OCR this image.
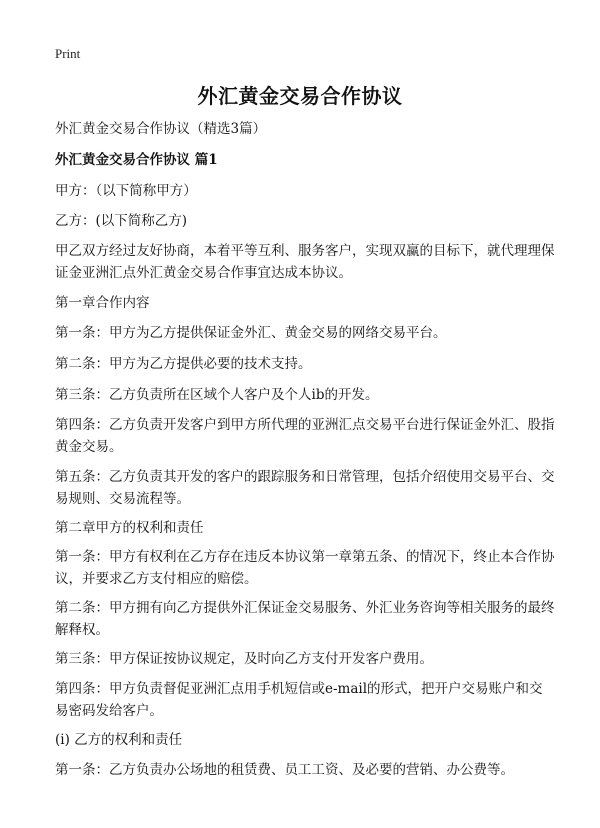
Print
外汇黄金交易合作协议
外汇黄金交易合作协议（精选3篇）
外汇黄金交易合作协议 篇1
甲方：（以下简称甲方）
乙方：(以下简称乙方)
甲乙双方经过友好协商，本着平等互利、服务客户，实现双赢的目标下，就代理理保证金亚洲汇点外汇黄金交易合作事宜达成本协议。
第一章合作内容
第一条：甲方为乙方提供保证金外汇、黄金交易的网络交易平台。
第二条：甲方为乙方提供必要的技术支持。
第三条：乙方负责所在区域个人客户及个人ib的开发。
第四条：乙方负责开发客户到甲方所代理的亚洲汇点交易平台进行保证金外汇、股指黄金交易。
第五条：乙方负责其开发的客户的跟踪服务和日常管理，包括介绍使用交易平台、交易规则、交易流程等。
第二章甲方的权利和责任
第一条：甲方有权利在乙方存在违反本协议第一章第五条、的情况下，终止本合作协议，并要求乙方支付相应的赔偿。
第二条：甲方拥有向乙方提供外汇保证金交易服务、外汇业务咨询等相关服务的最终解释权。
第三条：甲方保证按协议规定，及时向乙方支付开发客户费用。
第四条：甲方负责督促亚洲汇点用手机短信或e-mail的形式，把开户交易账户和交易密码发给客户。
(i) 乙方的权利和责任
第一条：乙方负责办公场地的租赁费、员工工资、及必要的营销、办公费等。
